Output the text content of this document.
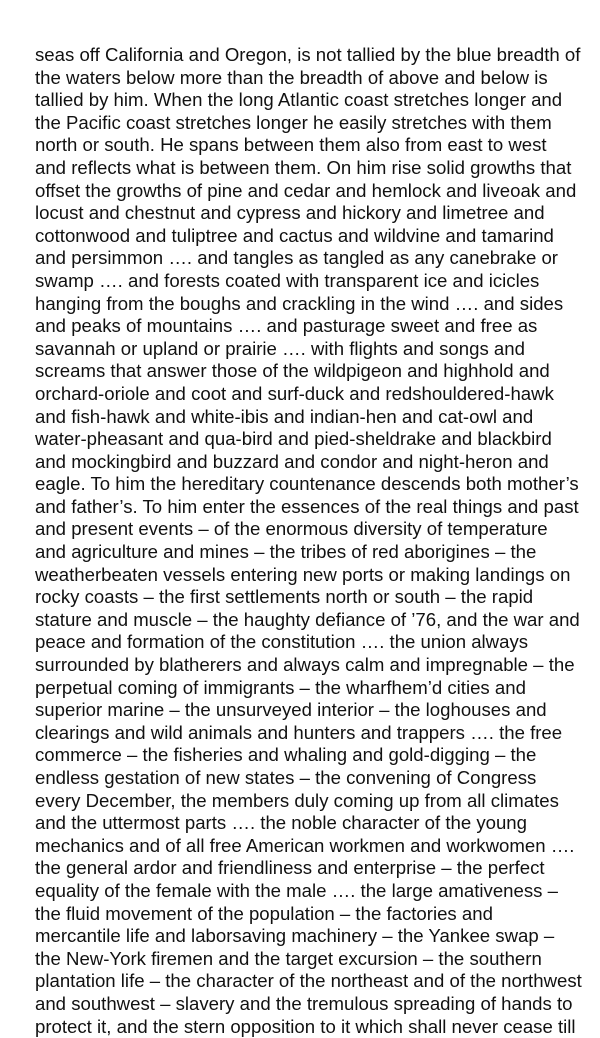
seas off California and Oregon, is not tallied by the blue breadth of

the waters below more than the breadth of above and below is

tallied by him. When the long Atlantic coast stretches longer and

the Pacific coast stretches longer he easily stretches with them

north or south. He spans between them also from east to west

and reflects what is between them. On him rise solid growths that

offset the growths of pine and cedar and hemlock and liveoak and

locust and chestnut and cypress and hickory and limetree and

cottonwood and tuliptree and cactus and wildvine and tamarind

and persimmon …. and tangles as tangled as any canebrake or

swamp …. and forests coated with transparent ice and icicles

hanging from the boughs and crackling in the wind …. and sides

and peaks of mountains …. and pasturage sweet and free as

savannah or upland or prairie …. with flights and songs and

screams that answer those of the wildpigeon and highhold and

orchard-oriole and coot and surf-duck and redshouldered-hawk

and fish-hawk and white-ibis and indian-hen and cat-owl and

water-pheasant and qua-bird and pied-sheldrake and blackbird

and mockingbird and buzzard and condor and night-heron and

eagle. To him the hereditary countenance descends both mother’s

and father’s. To him enter the essences of the real things and past

and present events – of the enormous diversity of temperature

and agriculture and mines – the tribes of red aborigines – the

weatherbeaten vessels entering new ports or making landings on

rocky coasts – the first settlements north or south – the rapid

stature and muscle – the haughty defiance of ’76, and the war and

peace and formation of the constitution …. the union always

surrounded by blatherers and always calm and impregnable – the

perpetual coming of immigrants – the wharfhem’d cities and

superior marine – the unsurveyed interior – the loghouses and

clearings and wild animals and hunters and trappers …. the free

commerce – the fisheries and whaling and gold-digging – the

endless gestation of new states – the convening of Congress

every December, the members duly coming up from all climates

and the uttermost parts …. the noble character of the young

mechanics and of all free American workmen and workwomen ….

the general ardor and friendliness and enterprise – the perfect

equality of the female with the male …. the large amativeness –

the fluid movement of the population – the factories and

mercantile life and laborsaving machinery – the Yankee swap –

the New-York firemen and the target excursion – the southern

plantation life – the character of the northeast and of the northwest

and southwest – slavery and the tremulous spreading of hands to

protect it, and the stern opposition to it which shall never cease till
